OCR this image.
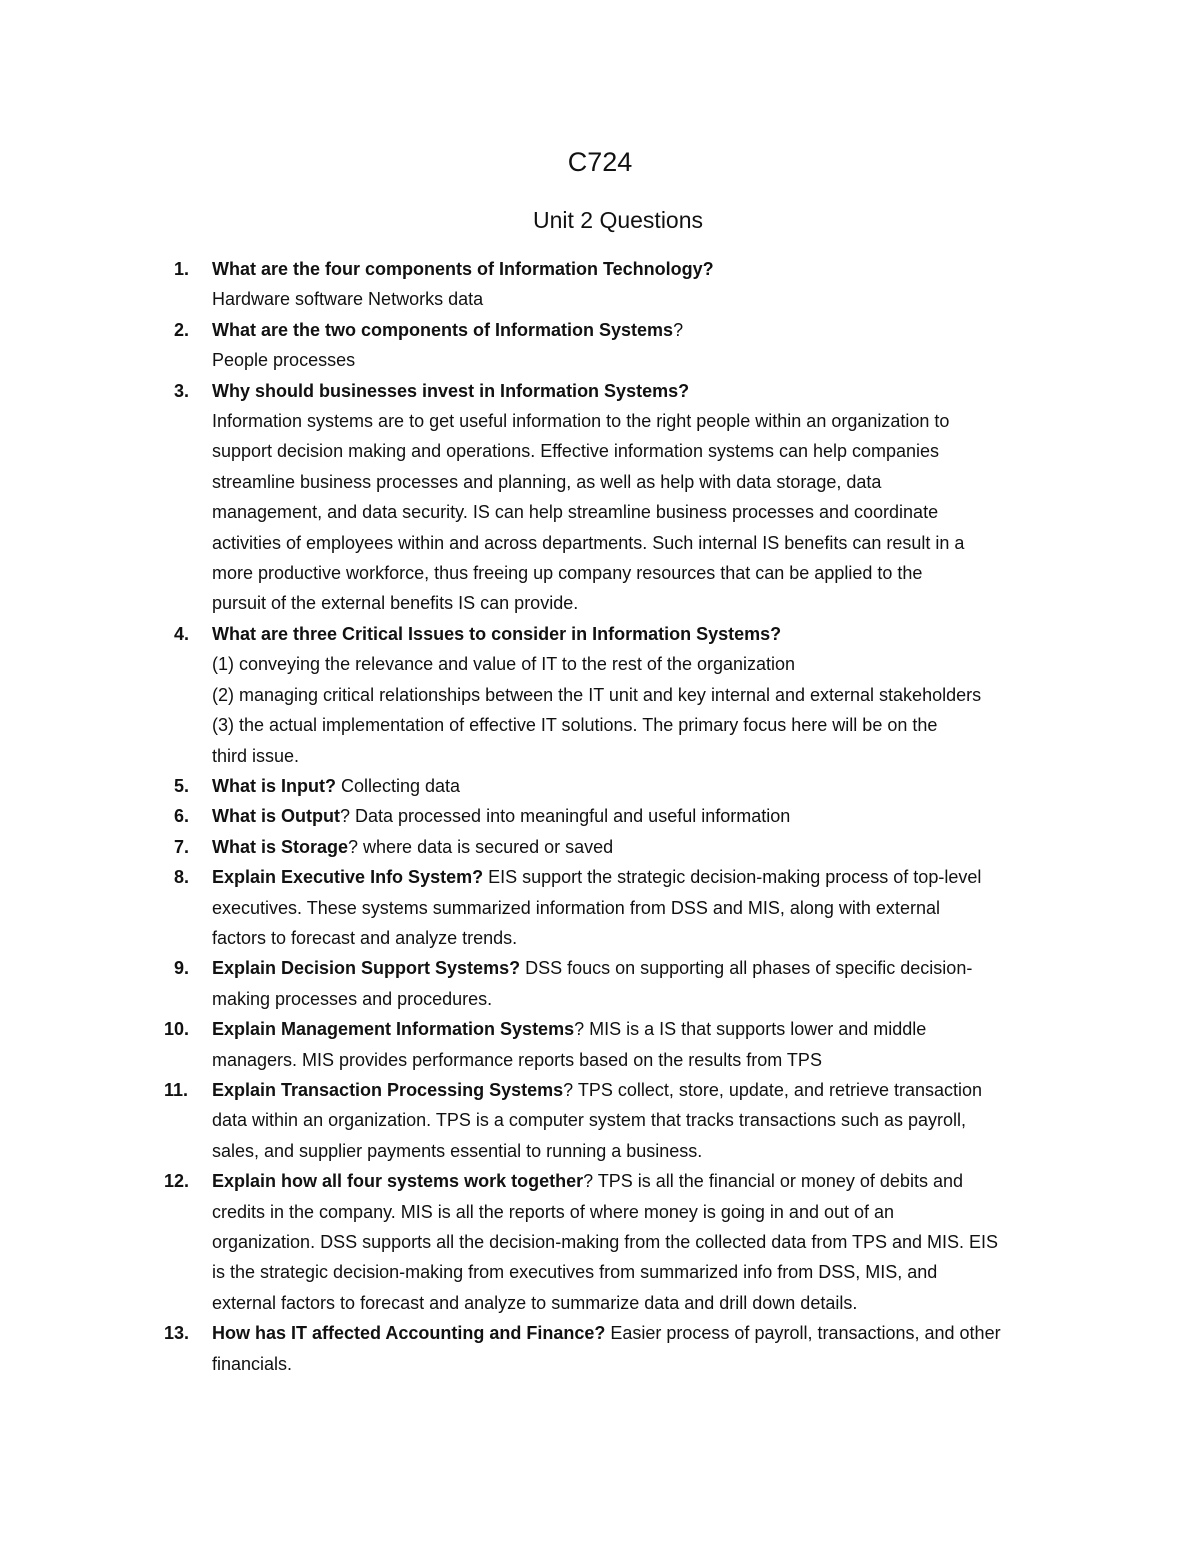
C724
Unit 2 Questions
1. What are the four components of Information Technology?
Hardware software Networks data
2. What are the two components of Information Systems?
People processes
3. Why should businesses invest in Information Systems?
Information systems are to get useful information to the right people within an organization to
support decision making and operations. Effective information systems can help companies
streamline business processes and planning, as well as help with data storage, data
management, and data security. IS can help streamline business processes and coordinate
activities of employees within and across departments. Such internal IS benefits can result in a
more productive workforce, thus freeing up company resources that can be applied to the
pursuit of the external benefits IS can provide.
4. What are three Critical Issues to consider in Information Systems?
(1) conveying the relevance and value of IT to the rest of the organization
(2) managing critical relationships between the IT unit and key internal and external stakeholders
(3) the actual implementation of effective IT solutions. The primary focus here will be on the
third issue.
5. What is Input? Collecting data
6. What is Output? Data processed into meaningful and useful information
7. What is Storage? where data is secured or saved
8. Explain Executive Info System? EIS support the strategic decision-making process of top-level
executives. These systems summarized information from DSS and MIS, along with external
factors to forecast and analyze trends.
9. Explain Decision Support Systems? DSS foucs on supporting all phases of specific decision-
making processes and procedures.
10. Explain Management Information Systems? MIS is a IS that supports lower and middle
managers. MIS provides performance reports based on the results from TPS
11. Explain Transaction Processing Systems? TPS collect, store, update, and retrieve transaction
data within an organization. TPS is a computer system that tracks transactions such as payroll,
sales, and supplier payments essential to running a business.
12. Explain how all four systems work together? TPS is all the financial or money of debits and
credits in the company. MIS is all the reports of where money is going in and out of an
organization. DSS supports all the decision-making from the collected data from TPS and MIS. EIS
is the strategic decision-making from executives from summarized info from DSS, MIS, and
external factors to forecast and analyze to summarize data and drill down details.
13. How has IT affected Accounting and Finance? Easier process of payroll, transactions, and other
financials.
